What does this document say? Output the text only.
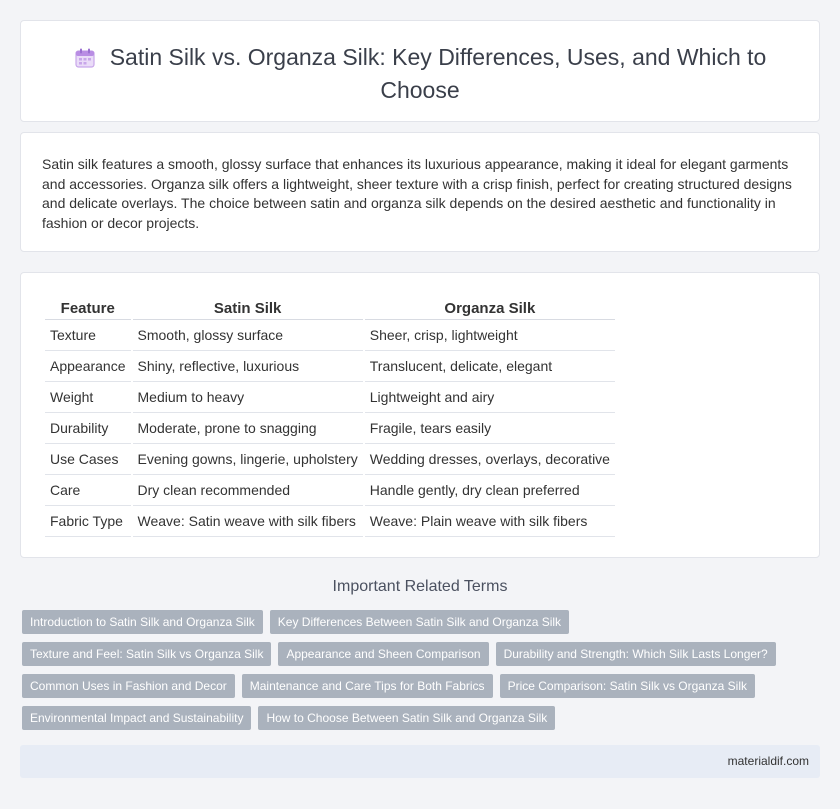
Satin Silk vs. Organza Silk: Key Differences, Uses, and Which to Choose

Satin silk features a smooth, glossy surface that enhances its luxurious appearance, making it ideal for elegant garments and accessories. Organza silk offers a lightweight, sheer texture with a crisp finish, perfect for creating structured designs and delicate overlays. The choice between satin and organza silk depends on the desired aesthetic and functionality in fashion or decor projects.

Feature	Satin Silk	Organza Silk
Texture	Smooth, glossy surface	Sheer, crisp, lightweight
Appearance	Shiny, reflective, luxurious	Translucent, delicate, elegant
Weight	Medium to heavy	Lightweight and airy
Durability	Moderate, prone to snagging	Fragile, tears easily
Use Cases	Evening gowns, lingerie, upholstery	Wedding dresses, overlays, decorative
Care	Dry clean recommended	Handle gently, dry clean preferred
Fabric Type	Weave: Satin weave with silk fibers	Weave: Plain weave with silk fibers
Important Related Terms
Introduction to Satin Silk and Organza Silk	Key Differences Between Satin Silk and Organza Silk
Texture and Feel: Satin Silk vs Organza Silk	Appearance and Sheen Comparison	Durability and Strength: Which Silk Lasts Longer?
Common Uses in Fashion and Decor	Maintenance and Care Tips for Both Fabrics	Price Comparison: Satin Silk vs Organza Silk
Environmental Impact and Sustainability	How to Choose Between Satin Silk and Organza Silk
materialdif.com
